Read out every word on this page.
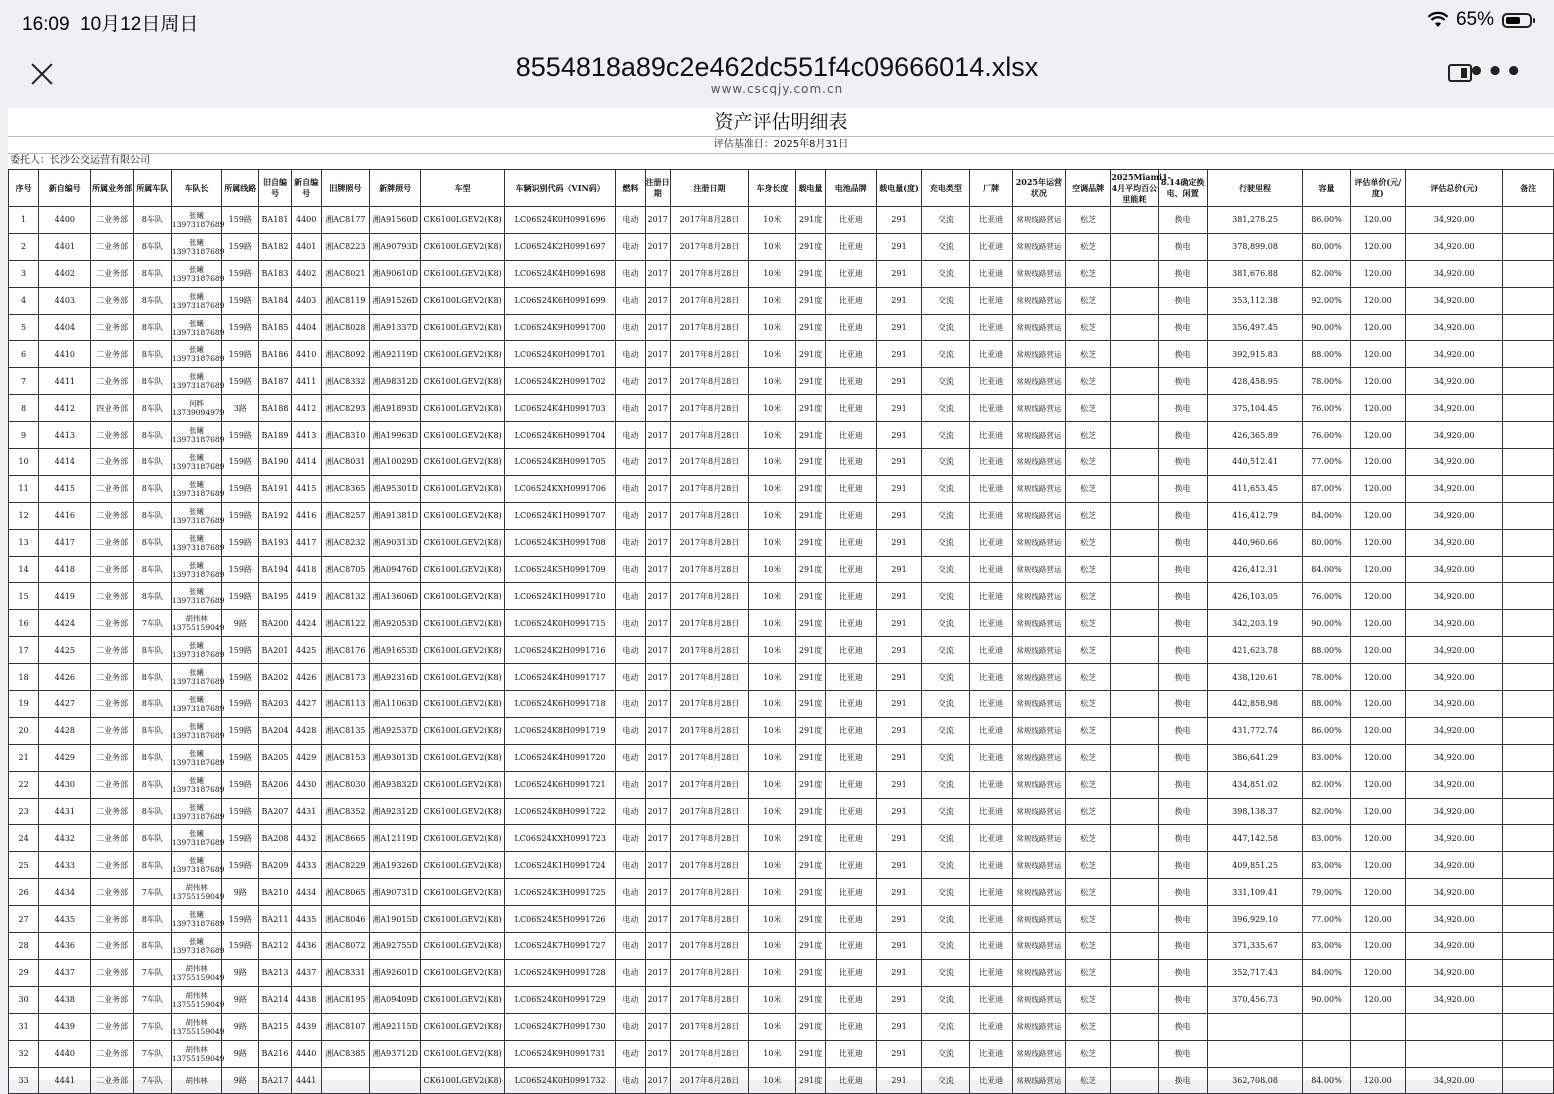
16:09 10月12日周日	65%
8554818a89c2e462dc551f4c09666014.xlsx	•••
www.cscqjy.com.cn
资产评估明细表
评估基准日：2025年8月31日
委托人：长沙公交运营有限公司
序号	新自编号	所属业务部	所属车队	车队长	所属线路	旧自编号	新自编号	旧牌照号	新牌照号	车型	车辆识别代码（VIN码）	燃料	注册日期	注册日期	车身长度	载电量	电池品牌	载电量(度)	充电类型	厂牌	2025年运营状况	空调品牌	2025Miami1-4月平均百公里能耗	8.14确定换电、闲置	行驶里程	容量	评估单价(元/度)	评估总价(元)	备注
1	4400	二业务部	8车队	张曦 13973187689	159路	BA181	4400	湘AC8177	湘A91560D	CK6100LGEV2(K8)	LC06S24K0H0991696	电动	2017	2017年8月28日	10米	291度	比亚迪	291	交流	比亚迪	常规线路营运	松芝		换电	381,278.25	86.00%	120.00	34,920.00	
2	4401	二业务部	8车队	张曦 13973187689	159路	BA182	4401	湘AC8223	湘A90793D	CK6100LGEV2(K8)	LC06S24K2H0991697	电动	2017	2017年8月28日	10米	291度	比亚迪	291	交流	比亚迪	常规线路营运	松芝		换电	378,899.08	80.00%	120.00	34,920.00	
3	4402	二业务部	8车队	张曦 13973187689	159路	BA183	4402	湘AC8021	湘A90610D	CK6100LGEV2(K8)	LC06S24K4H0991698	电动	2017	2017年8月28日	10米	291度	比亚迪	291	交流	比亚迪	常规线路营运	松芝		换电	381,676.88	82.00%	120.00	34,920.00	
4	4403	二业务部	8车队	张曦 13973187689	159路	BA184	4403	湘AC8119	湘A91526D	CK6100LGEV2(K8)	LC06S24K6H0991699	电动	2017	2017年8月28日	10米	291度	比亚迪	291	交流	比亚迪	常规线路营运	松芝		换电	353,112.38	92.00%	120.00	34,920.00	
5	4404	二业务部	8车队	张曦 13973187689	159路	BA185	4404	湘AC8028	湘A91337D	CK6100LGEV2(K8)	LC06S24K9H0991700	电动	2017	2017年8月28日	10米	291度	比亚迪	291	交流	比亚迪	常规线路营运	松芝		换电	356,497.45	90.00%	120.00	34,920.00	
6	4410	二业务部	8车队	张曦 13973187689	159路	BA186	4410	湘AC8092	湘A92119D	CK6100LGEV2(K8)	LC06S24K0H0991701	电动	2017	2017年8月28日	10米	291度	比亚迪	291	交流	比亚迪	常规线路营运	松芝		换电	392,915.83	88.00%	120.00	34,920.00	
7	4411	二业务部	8车队	张曦 13973187689	159路	BA187	4411	湘AC8332	湘A98312D	CK6100LGEV2(K8)	LC06S24K2H0991702	电动	2017	2017年8月28日	10米	291度	比亚迪	291	交流	比亚迪	常规线路营运	松芝		换电	428,458.95	78.00%	120.00	34,920.00	
8	4412	四业务部	8车队	何晔 13739094979	3路	BA188	4412	湘AC8293	湘A91893D	CK6100LGEV2(K8)	LC06S24K4H0991703	电动	2017	2017年8月28日	10米	291度	比亚迪	291	交流	比亚迪	常规线路营运	松芝		换电	375,104.45	76.00%	120.00	34,920.00	
9	4413	二业务部	8车队	张曦 13973187689	159路	BA189	4413	湘AC8310	湘A19963D	CK6100LGEV2(K8)	LC06S24K6H0991704	电动	2017	2017年8月28日	10米	291度	比亚迪	291	交流	比亚迪	常规线路营运	松芝		换电	426,365.89	76.00%	120.00	34,920.00	
10	4414	二业务部	8车队	张曦 13973187689	159路	BA190	4414	湘AC8031	湘A10029D	CK6100LGEV2(K8)	LC06S24K8H0991705	电动	2017	2017年8月28日	10米	291度	比亚迪	291	交流	比亚迪	常规线路营运	松芝		换电	440,512.41	77.00%	120.00	34,920.00	
11	4415	二业务部	8车队	张曦 13973187689	159路	BA191	4415	湘AC8365	湘A95301D	CK6100LGEV2(K8)	LC06S24KXH0991706	电动	2017	2017年8月28日	10米	291度	比亚迪	291	交流	比亚迪	常规线路营运	松芝		换电	411,653.45	87.00%	120.00	34,920.00	
12	4416	二业务部	8车队	张曦 13973187689	159路	BA192	4416	湘AC8257	湘A91381D	CK6100LGEV2(K8)	LC06S24K1H0991707	电动	2017	2017年8月28日	10米	291度	比亚迪	291	交流	比亚迪	常规线路营运	松芝		换电	416,412.79	84.00%	120.00	34,920.00	
13	4417	二业务部	8车队	张曦 13973187689	159路	BA193	4417	湘AC8232	湘A90313D	CK6100LGEV2(K8)	LC06S24K3H0991708	电动	2017	2017年8月28日	10米	291度	比亚迪	291	交流	比亚迪	常规线路营运	松芝		换电	440,960.66	80.00%	120.00	34,920.00	
14	4418	二业务部	8车队	张曦 13973187689	159路	BA194	4418	湘AC8705	湘A09476D	CK6100LGEV2(K8)	LC06S24K5H0991709	电动	2017	2017年8月28日	10米	291度	比亚迪	291	交流	比亚迪	常规线路营运	松芝		换电	426,412.31	84.00%	120.00	34,920.00	
15	4419	二业务部	8车队	张曦 13973187689	159路	BA195	4419	湘AC8132	湘A13606D	CK6100LGEV2(K8)	LC06S24K1H0991710	电动	2017	2017年8月28日	10米	291度	比亚迪	291	交流	比亚迪	常规线路营运	松芝		换电	426,103.05	76.00%	120.00	34,920.00	
16	4424	二业务部	7车队	胡伟林 13755159049	9路	BA200	4424	湘AC8122	湘A92053D	CK6100LGEV2(K8)	LC06S24K0H0991715	电动	2017	2017年8月28日	10米	291度	比亚迪	291	交流	比亚迪	常规线路营运	松芝		换电	342,203.19	90.00%	120.00	34,920.00	
17	4425	二业务部	8车队	张曦 13973187689	159路	BA201	4425	湘AC8176	湘A91653D	CK6100LGEV2(K8)	LC06S24K2H0991716	电动	2017	2017年8月28日	10米	291度	比亚迪	291	交流	比亚迪	常规线路营运	松芝		换电	421,623.78	88.00%	120.00	34,920.00	
18	4426	二业务部	8车队	张曦 13973187689	159路	BA202	4426	湘AC8173	湘A92316D	CK6100LGEV2(K8)	LC06S24K4H0991717	电动	2017	2017年8月28日	10米	291度	比亚迪	291	交流	比亚迪	常规线路营运	松芝		换电	438,120.61	78.00%	120.00	34,920.00	
19	4427	二业务部	8车队	张曦 13973187689	159路	BA203	4427	湘AC8113	湘A11063D	CK6100LGEV2(K8)	LC06S24K6H0991718	电动	2017	2017年8月28日	10米	291度	比亚迪	291	交流	比亚迪	常规线路营运	松芝		换电	442,858.98	88.00%	120.00	34,920.00	
20	4428	二业务部	8车队	张曦 13973187689	159路	BA204	4428	湘AC8135	湘A92537D	CK6100LGEV2(K8)	LC06S24K8H0991719	电动	2017	2017年8月28日	10米	291度	比亚迪	291	交流	比亚迪	常规线路营运	松芝		换电	431,772.74	86.00%	120.00	34,920.00	
21	4429	二业务部	8车队	张曦 13973187689	159路	BA205	4429	湘AC8153	湘A93013D	CK6100LGEV2(K8)	LC06S24K4H0991720	电动	2017	2017年8月28日	10米	291度	比亚迪	291	交流	比亚迪	常规线路营运	松芝		换电	386,641.29	83.00%	120.00	34,920.00	
22	4430	二业务部	8车队	张曦 13973187689	159路	BA206	4430	湘AC8030	湘A93832D	CK6100LGEV2(K8)	LC06S24K6H0991721	电动	2017	2017年8月28日	10米	291度	比亚迪	291	交流	比亚迪	常规线路营运	松芝		换电	434,851.02	82.00%	120.00	34,920.00	
23	4431	二业务部	8车队	张曦 13973187689	159路	BA207	4431	湘AC8352	湘A92312D	CK6100LGEV2(K8)	LC06S24K8H0991722	电动	2017	2017年8月28日	10米	291度	比亚迪	291	交流	比亚迪	常规线路营运	松芝		换电	398,138.37	82.00%	120.00	34,920.00	
24	4432	二业务部	8车队	张曦 13973187689	159路	BA208	4432	湘AC8665	湘A12119D	CK6100LGEV2(K8)	LC06S24KXH0991723	电动	2017	2017年8月28日	10米	291度	比亚迪	291	交流	比亚迪	常规线路营运	松芝		换电	447,142.58	83.00%	120.00	34,920.00	
25	4433	二业务部	8车队	张曦 13973187689	159路	BA209	4433	湘AC8229	湘A19326D	CK6100LGEV2(K8)	LC06S24K1H0991724	电动	2017	2017年8月28日	10米	291度	比亚迪	291	交流	比亚迪	常规线路营运	松芝		换电	409,851.25	83.00%	120.00	34,920.00	
26	4434	二业务部	7车队	胡伟林 13755159049	9路	BA210	4434	湘AC8065	湘A90731D	CK6100LGEV2(K8)	LC06S24K3H0991725	电动	2017	2017年8月28日	10米	291度	比亚迪	291	交流	比亚迪	常规线路营运	松芝		换电	331,109.41	79.00%	120.00	34,920.00	
27	4435	二业务部	8车队	张曦 13973187689	159路	BA211	4435	湘AC8046	湘A19015D	CK6100LGEV2(K8)	LC06S24K5H0991726	电动	2017	2017年8月28日	10米	291度	比亚迪	291	交流	比亚迪	常规线路营运	松芝		换电	396,929.10	77.00%	120.00	34,920.00	
28	4436	二业务部	8车队	张曦 13973187689	159路	BA212	4436	湘AC8072	湘A92755D	CK6100LGEV2(K8)	LC06S24K7H0991727	电动	2017	2017年8月28日	10米	291度	比亚迪	291	交流	比亚迪	常规线路营运	松芝		换电	371,335.67	83.00%	120.00	34,920.00	
29	4437	二业务部	7车队	胡伟林 13755159049	9路	BA213	4437	湘AC8331	湘A92601D	CK6100LGEV2(K8)	LC06S24K9H0991728	电动	2017	2017年8月28日	10米	291度	比亚迪	291	交流	比亚迪	常规线路营运	松芝		换电	352,717.43	84.00%	120.00	34,920.00	
30	4438	二业务部	7车队	胡伟林 13755159049	9路	BA214	4438	湘AC8195	湘A09409D	CK6100LGEV2(K8)	LC06S24K0H0991729	电动	2017	2017年8月28日	10米	291度	比亚迪	291	交流	比亚迪	常规线路营运	松芝		换电	370,456.73	90.00%	120.00	34,920.00	
31	4439	二业务部	7车队	胡伟林 13755159049	9路	BA215	4439	湘AC8107	湘A92115D	CK6100LGEV2(K8)	LC06S24K7H0991730	电动	2017	2017年8月28日	10米	291度	比亚迪	291	交流	比亚迪	常规线路营运	松芝		换电					
32	4440	二业务部	7车队	胡伟林 13755159049	9路	BA216	4440	湘AC8385	湘A93712D	CK6100LGEV2(K8)	LC06S24K9H0991731	电动	2017	2017年8月28日	10米	291度	比亚迪	291	交流	比亚迪	常规线路营运	松芝		换电					
33	4441	二业务部	7车队	胡伟林	9路	BA217	4441			CK6100LGEV2(K8)	LC06S24K0H0991732	电动	2017	2017年8月28日	10米	291度	比亚迪	291	交流	比亚迪	常规线路营运	松芝		换电	362,708.08	84.00%	120.00	34,920.00	
